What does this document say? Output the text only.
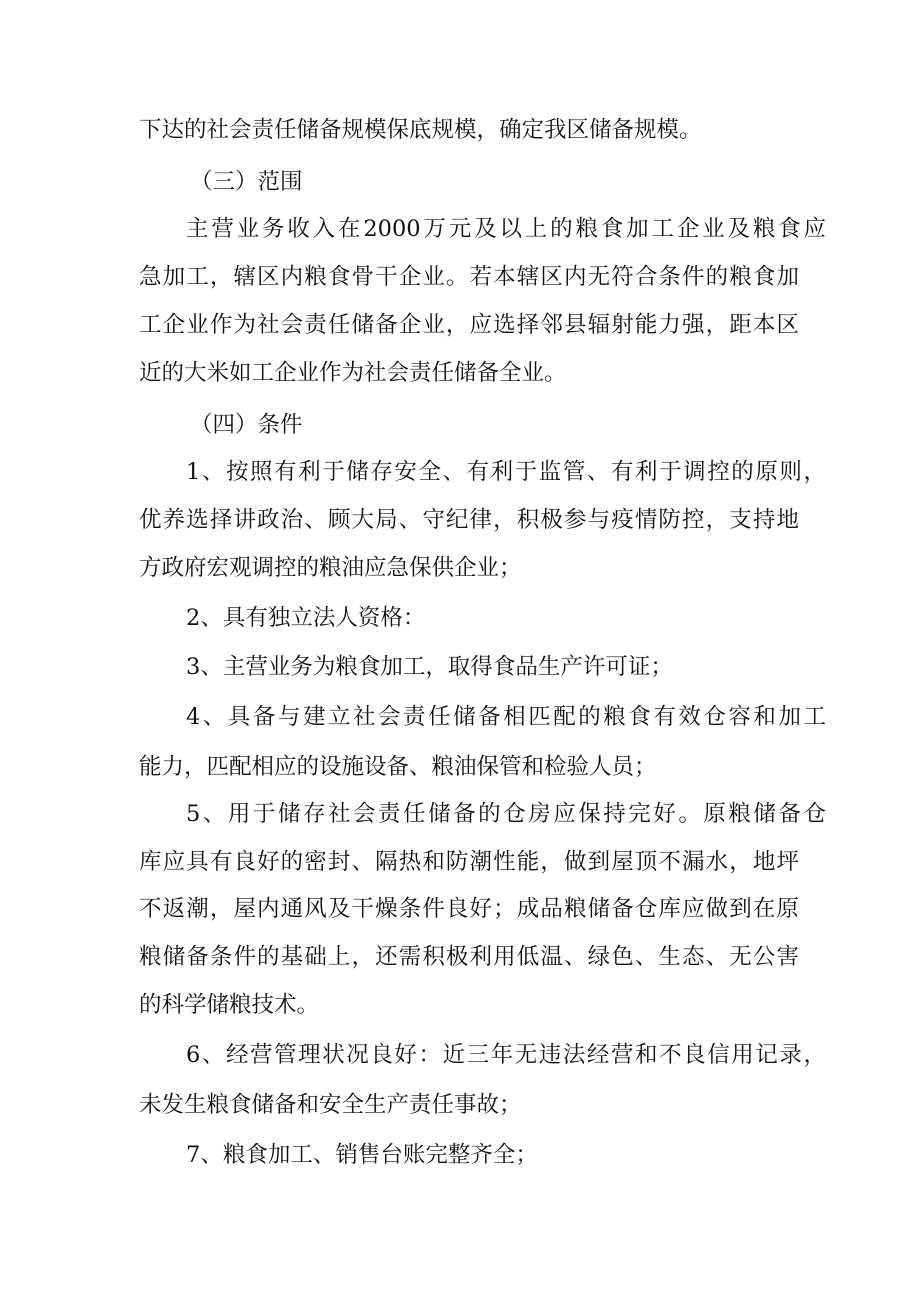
下达的社会责任储备规模保底规模，确定我区储备规模。
（三）范围
主营业务收入在2000万元及以上的粮食加工企业及粮食应
急加工，辖区内粮食骨干企业。若本辖区内无符合条件的粮食加
工企业作为社会责任储备企业，应选择邻县辐射能力强，距本区
近的大米如工企业作为社会责任储备全业。
（四）条件
1、按照有利于储存安全、有利于监管、有利于调控的原则，
优养选择讲政治、顾大局、守纪律，积极参与疫情防控，支持地
方政府宏观调控的粮油应急保供企业；
2、具有独立法人资格：
3、主营业务为粮食加工，取得食品生产许可证；
4、具备与建立社会责任储备相匹配的粮食有效仓容和加工
能力，匹配相应的设施设备、粮油保管和检验人员；
5、用于储存社会责任储备的仓房应保持完好。原粮储备仓
库应具有良好的密封、隔热和防潮性能，做到屋顶不漏水，地坪
不返潮，屋内通风及干燥条件良好；成品粮储备仓库应做到在原
粮储备条件的基础上，还需积极利用低温、绿色、生态、无公害
的科学储粮技术。
6、经营管理状况良好：近三年无违法经营和不良信用记录，
未发生粮食储备和安全生产责任事故；
7、粮食加工、销售台账完整齐全；
